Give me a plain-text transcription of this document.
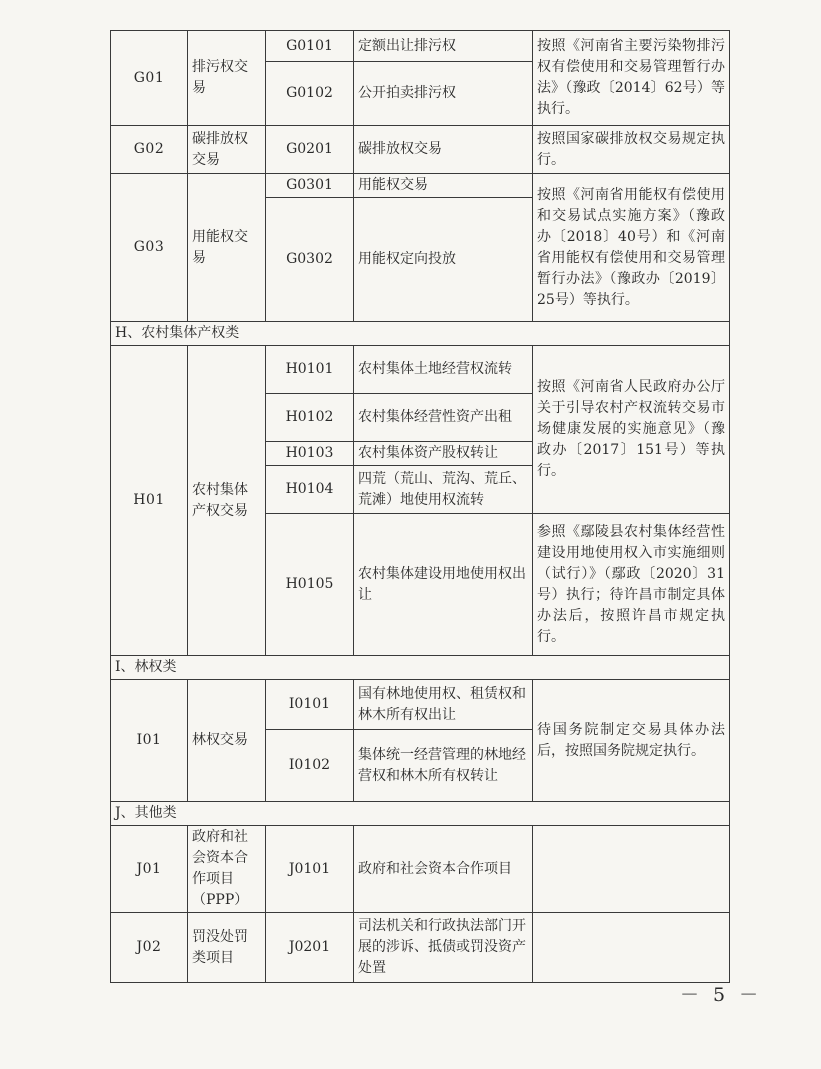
G01	排污权交易	G0101	定额出让排污权	按照《河南省主要污染物排污权有偿使用和交易管理暂行办法》（豫政〔2014〕62号）等执行。
		G0102	公开拍卖排污权	
G02	碳排放权交易	G0201	碳排放权交易	按照国家碳排放权交易规定执行。
G03	用能权交易	G0301	用能权交易	按照《河南省用能权有偿使用和交易试点实施方案》（豫政办〔2018〕40号）和《河南省用能权有偿使用和交易管理暂行办法》（豫政办〔2019〕25号）等执行。
		G0302	用能权定向投放	
H、农村集体产权类				
H01	农村集体产权交易	H0101	农村集体土地经营权流转	按照《河南省人民政府办公厅关于引导农村产权流转交易市场健康发展的实施意见》（豫政办〔2017〕151号）等执行。
		H0102	农村集体经营性资产出租	
		H0103	农村集体资产股权转让	
		H0104	四荒（荒山、荒沟、荒丘、荒滩）地使用权流转	
		H0105	农村集体建设用地使用权出让	参照《鄢陵县农村集体经营性建设用地使用权入市实施细则（试行）》（鄢政〔2020〕31号）执行；待许昌市制定具体办法后，按照许昌市规定执行。
I、林权类				
I01	林权交易	I0101	国有林地使用权、租赁权和林木所有权出让	待国务院制定交易具体办法后，按照国务院规定执行。
		I0102	集体统一经营管理的林地经营权和林木所有权转让	
J、其他类				
J01	政府和社会资本合作项目（PPP）	J0101	政府和社会资本合作项目	
J02	罚没处罚类项目	J0201	司法机关和行政执法部门开展的涉诉、抵债或罚没资产处置	
－ 5 －
